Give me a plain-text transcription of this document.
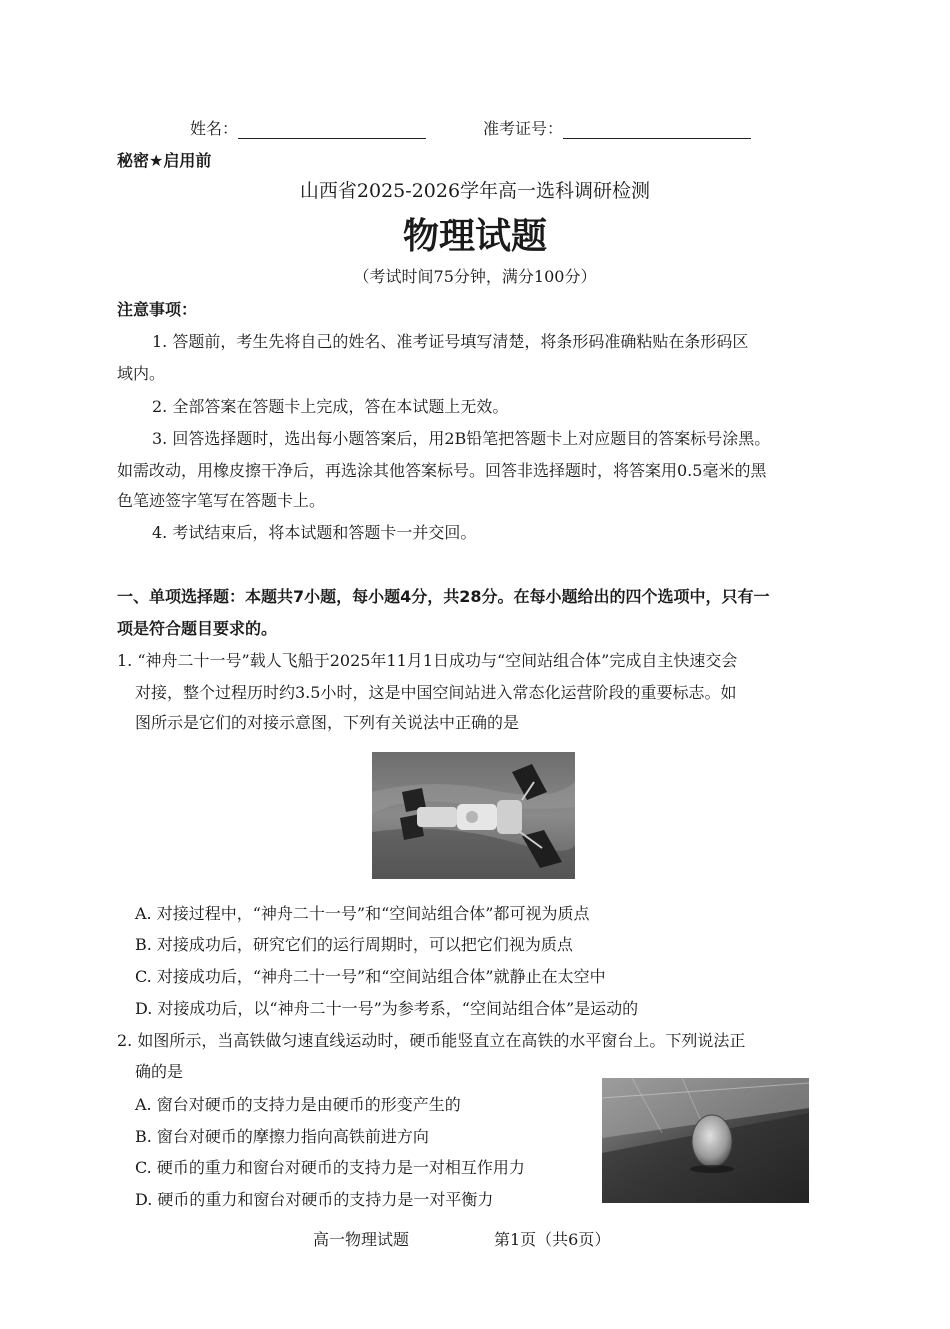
姓名：	准考证号：
秘密★启用前
山西省2025-2026学年高一选科调研检测
物理试题
（考试时间75分钟，满分100分）
注意事项：
1. 答题前，考生先将自己的姓名、准考证号填写清楚，将条形码准确粘贴在条形码区
域内。
2. 全部答案在答题卡上完成，答在本试题上无效。
3. 回答选择题时，选出每小题答案后，用2B铅笔把答题卡上对应题目的答案标号涂黑。
如需改动，用橡皮擦干净后，再选涂其他答案标号。回答非选择题时，将答案用0.5毫米的黑
色笔迹签字笔写在答题卡上。
4. 考试结束后，将本试题和答题卡一并交回。
一、单项选择题：本题共7小题，每小题4分，共28分。在每小题给出的四个选项中，只有一
项是符合题目要求的。
1. “神舟二十一号”载人飞船于2025年11月1日成功与“空间站组合体”完成自主快速交会
对接，整个过程历时约3.5小时，这是中国空间站进入常态化运营阶段的重要标志。如
图所示是它们的对接示意图，下列有关说法中正确的是
A. 对接过程中，“神舟二十一号”和“空间站组合体”都可视为质点
B. 对接成功后，研究它们的运行周期时，可以把它们视为质点
C. 对接成功后，“神舟二十一号”和“空间站组合体”就静止在太空中
D. 对接成功后，以“神舟二十一号”为参考系，“空间站组合体”是运动的
2. 如图所示，当高铁做匀速直线运动时，硬币能竖直立在高铁的水平窗台上。下列说法正
确的是
A. 窗台对硬币的支持力是由硬币的形变产生的
B. 窗台对硬币的摩擦力指向高铁前进方向
C. 硬币的重力和窗台对硬币的支持力是一对相互作用力
D. 硬币的重力和窗台对硬币的支持力是一对平衡力
高一物理试题	第1页（共6页）
